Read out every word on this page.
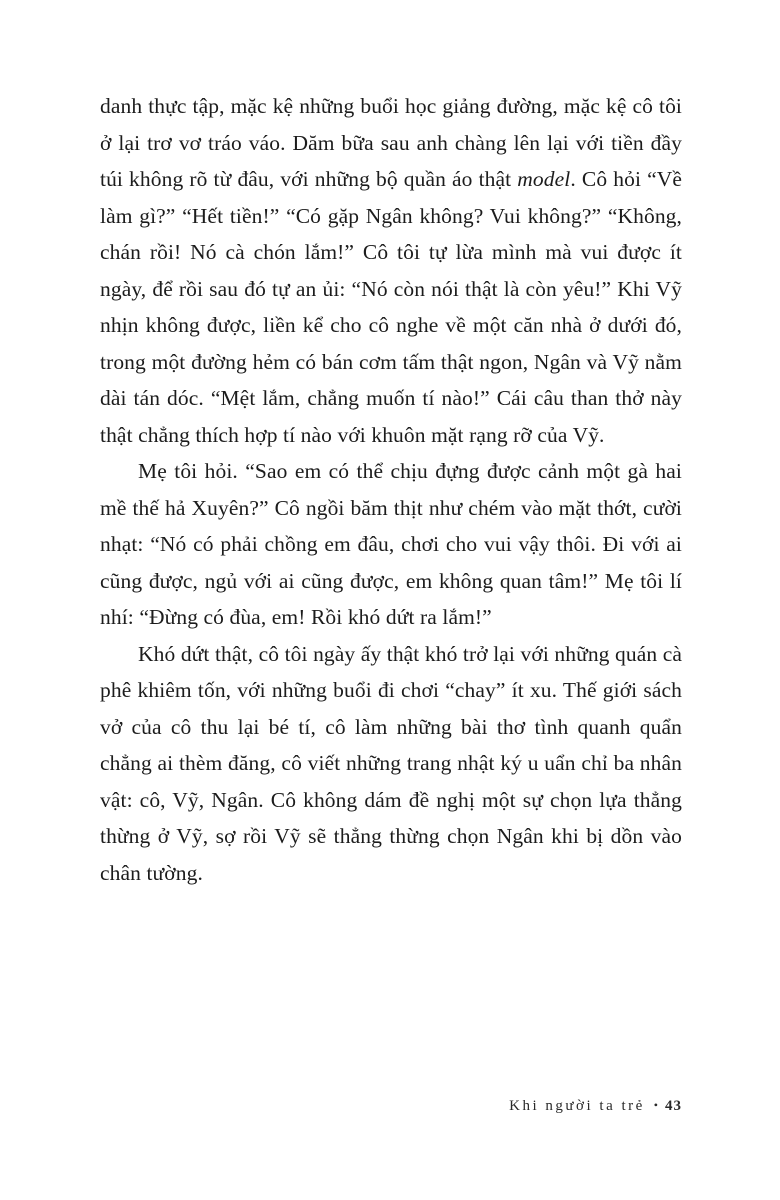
danh thực tập, mặc kệ những buổi học giảng đường, mặc kệ cô tôi ở lại trơ vơ tráo váo. Dăm bữa sau anh chàng lên lại với tiền đầy túi không rõ từ đâu, với những bộ quần áo thật model. Cô hỏi “Về làm gì?” “Hết tiền!” “Có gặp Ngân không? Vui không?” “Không, chán rồi! Nó cà chón lắm!” Cô tôi tự lừa mình mà vui được ít ngày, để rồi sau đó tự an ủi: “Nó còn nói thật là còn yêu!” Khi Vỹ nhịn không được, liền kể cho cô nghe về một căn nhà ở dưới đó, trong một đường hẻm có bán cơm tấm thật ngon, Ngân và Vỹ nằm dài tán dóc. “Mệt lắm, chẳng muốn tí nào!” Cái câu than thở này thật chẳng thích hợp tí nào với khuôn mặt rạng rỡ của Vỹ.

Mẹ tôi hỏi. “Sao em có thể chịu đựng được cảnh một gà hai mề thế hả Xuyên?” Cô ngồi băm thịt như chém vào mặt thớt, cười nhạt: “Nó có phải chồng em đâu, chơi cho vui vậy thôi. Đi với ai cũng được, ngủ với ai cũng được, em không quan tâm!” Mẹ tôi lí nhí: “Đừng có đùa, em! Rồi khó dứt ra lắm!”

Khó dứt thật, cô tôi ngày ấy thật khó trở lại với những quán cà phê khiêm tốn, với những buổi đi chơi “chay” ít xu. Thế giới sách vở của cô thu lại bé tí, cô làm những bài thơ tình quanh quẩn chẳng ai thèm đăng, cô viết những trang nhật ký u uẩn chỉ ba nhân vật: cô, Vỹ, Ngân. Cô không dám đề nghị một sự chọn lựa thẳng thừng ở Vỹ, sợ rồi Vỹ sẽ thẳng thừng chọn Ngân khi bị dồn vào chân tường.

Khi người ta trẻ • 43
